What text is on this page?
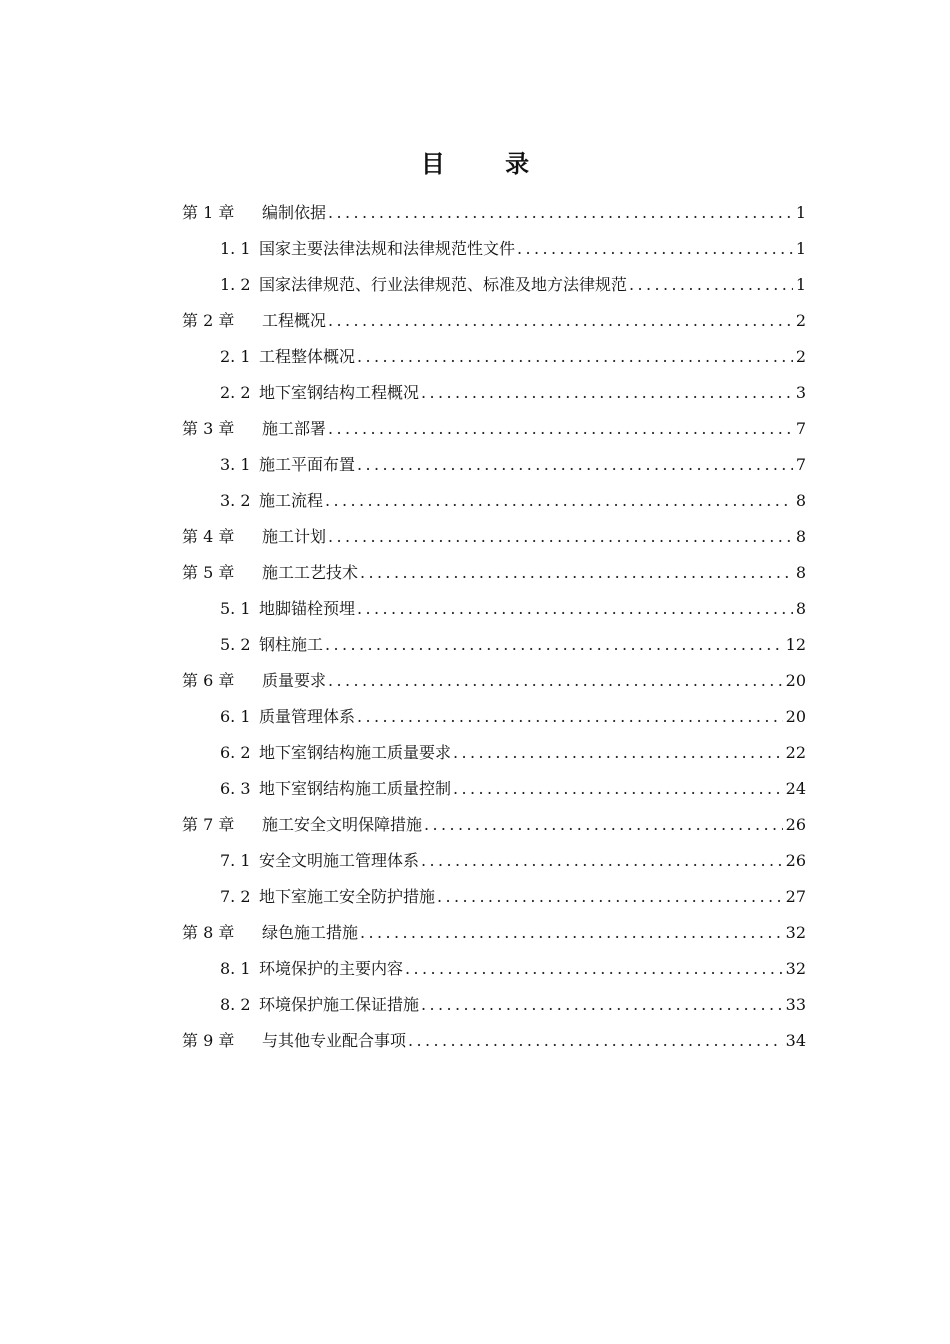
目 录
第 1 章	编制依据 .....	1
1. 1 国家主要法律法规和法律规范性文件 .....	1
1. 2 国家法律规范、行业法律规范、标准及地方法律规范 .....	1
第 2 章	工程概况 .....	2
2. 1 工程整体概况 .....	2
2. 2 地下室钢结构工程概况 .....	3
第 3 章	施工部署 .....	7
3. 1 施工平面布置 .....	7
3. 2 施工流程 .....	8
第 4 章	施工计划 .....	8
第 5 章	施工工艺技术 .....	8
5. 1 地脚锚栓预埋 .....	8
5. 2 钢柱施工 .....	12
第 6 章	质量要求 .....	20
6. 1 质量管理体系 .....	20
6. 2 地下室钢结构施工质量要求 .....	22
6. 3 地下室钢结构施工质量控制 .....	24
第 7 章	施工安全文明保障措施 .....	26
7. 1 安全文明施工管理体系 .....	26
7. 2 地下室施工安全防护措施 .....	27
第 8 章	绿色施工措施 .....	32
8. 1 环境保护的主要内容 .....	32
8. 2 环境保护施工保证措施 .....	33
第 9 章	与其他专业配合事项 .....	34
